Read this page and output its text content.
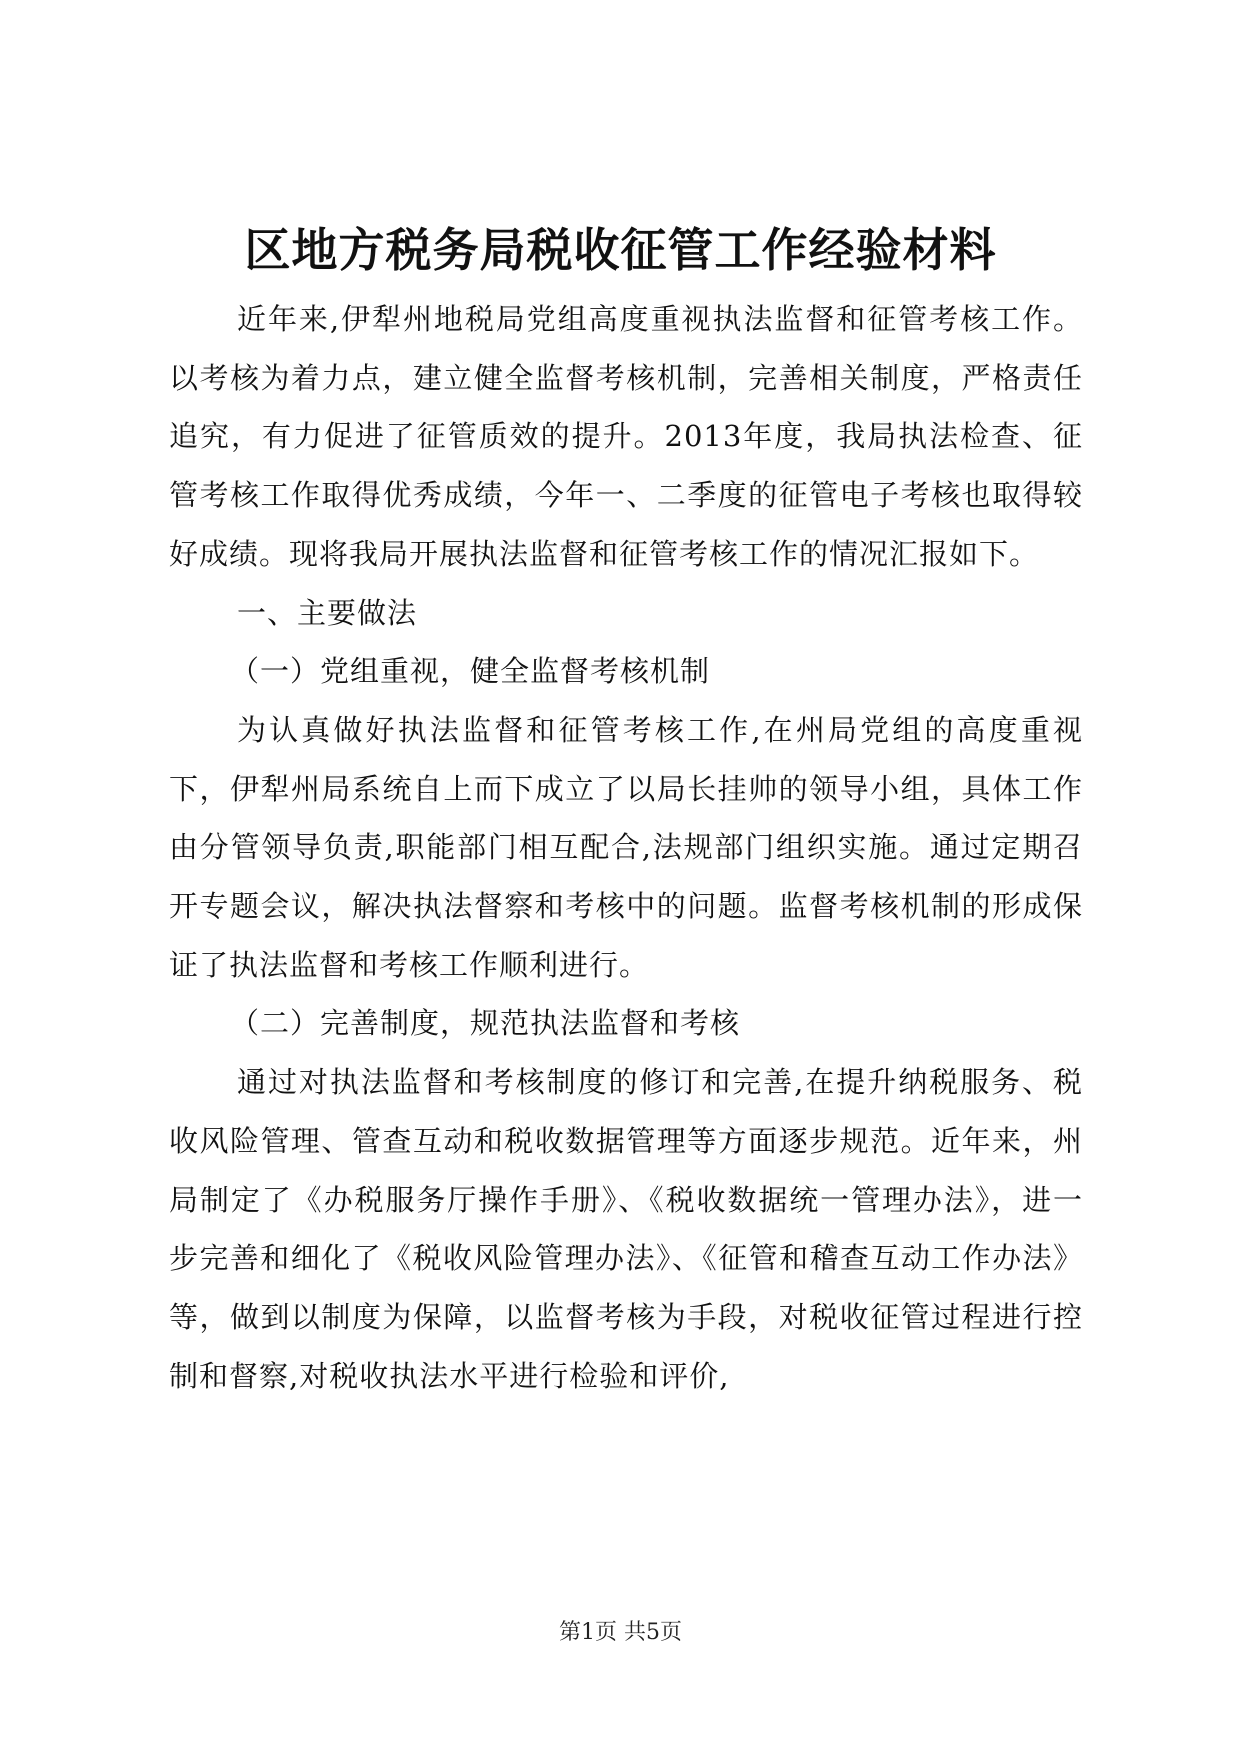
区地方税务局税收征管工作经验材料

近年来,伊犁州地税局党组高度重视执法监督和征管考核工作。以考核为着力点，建立健全监督考核机制，完善相关制度，严格责任追究，有力促进了征管质效的提升。2013年度，我局执法检查、征管考核工作取得优秀成绩，今年一、二季度的征管电子考核也取得较好成绩。现将我局开展执法监督和征管考核工作的情况汇报如下。

一、主要做法

（一）党组重视，健全监督考核机制

为认真做好执法监督和征管考核工作,在州局党组的高度重视下，伊犁州局系统自上而下成立了以局长挂帅的领导小组，具体工作由分管领导负责,职能部门相互配合,法规部门组织实施。通过定期召开专题会议，解决执法督察和考核中的问题。监督考核机制的形成保证了执法监督和考核工作顺利进行。

（二）完善制度，规范执法监督和考核

通过对执法监督和考核制度的修订和完善,在提升纳税服务、税收风险管理、管查互动和税收数据管理等方面逐步规范。近年来，州局制定了《办税服务厅操作手册》、《税收数据统一管理办法》，进一步完善和细化了《税收风险管理办法》、《征管和稽查互动工作办法》等，做到以制度为保障，以监督考核为手段，对税收征管过程进行控制和督察,对税收执法水平进行检验和评价,

第1页 共5页
